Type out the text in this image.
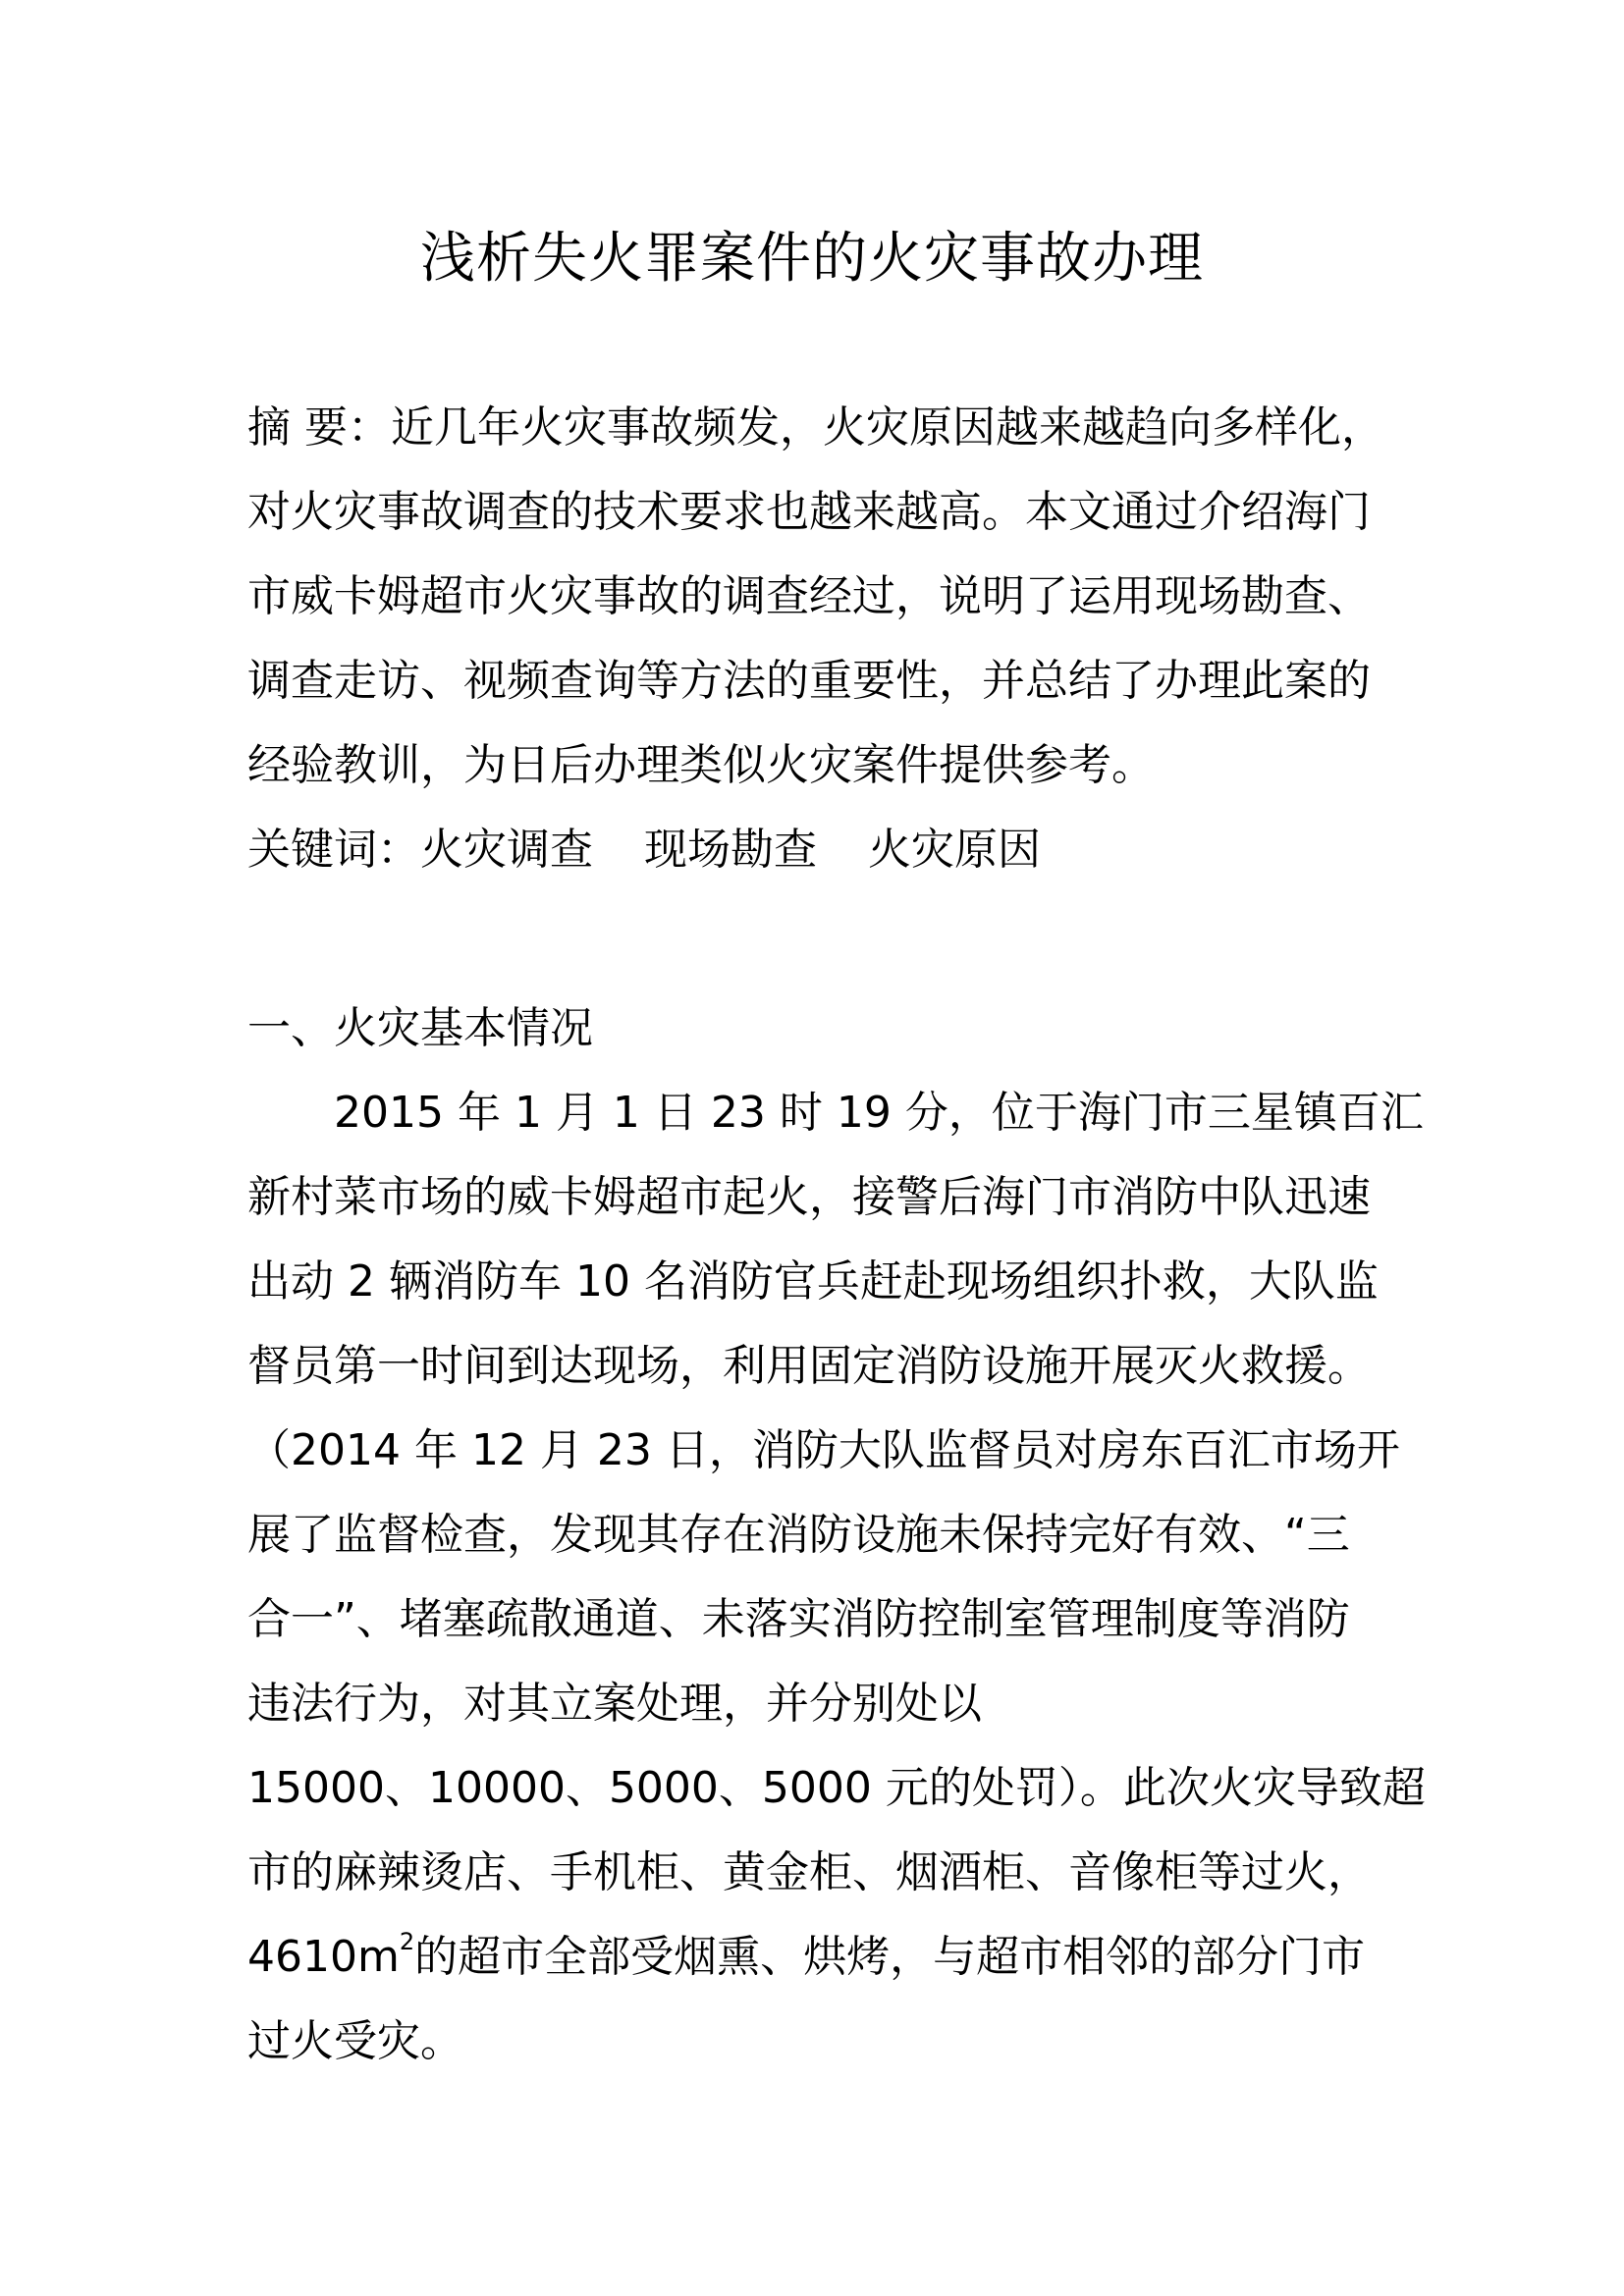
浅析失火罪案件的火灾事故办理
摘 要：近几年火灾事故频发，火灾原因越来越趋向多样化，
对火灾事故调查的技术要求也越来越高。本文通过介绍海门
市威卡姆超市火灾事故的调查经过，说明了运用现场勘查、
调查走访、视频查询等方法的重要性，并总结了办理此案的
经验教训，为日后办理类似火灾案件提供参考。
关键词：火灾调查 现场勘查 火灾原因
一、火灾基本情况
2015 年 1 月 1 日 23 时 19 分，位于海门市三星镇百汇
新村菜市场的威卡姆超市起火，接警后海门市消防中队迅速
出动 2 辆消防车 10 名消防官兵赶赴现场组织扑救，大队监
督员第一时间到达现场，利用固定消防设施开展灭火救援。
（2014 年 12 月 23 日，消防大队监督员对房东百汇市场开
展了监督检查，发现其存在消防设施未保持完好有效、“三
合一”、堵塞疏散通道、未落实消防控制室管理制度等消防
违法行为，对其立案处理，并分别处以
15000、10000、5000、5000 元的处罚）。此次火灾导致超
市的麻辣烫店、手机柜、黄金柜、烟酒柜、音像柜等过火，
$4610m^2$的超市全部受烟熏、烘烤，与超市相邻的部分门市
过火受灾。
